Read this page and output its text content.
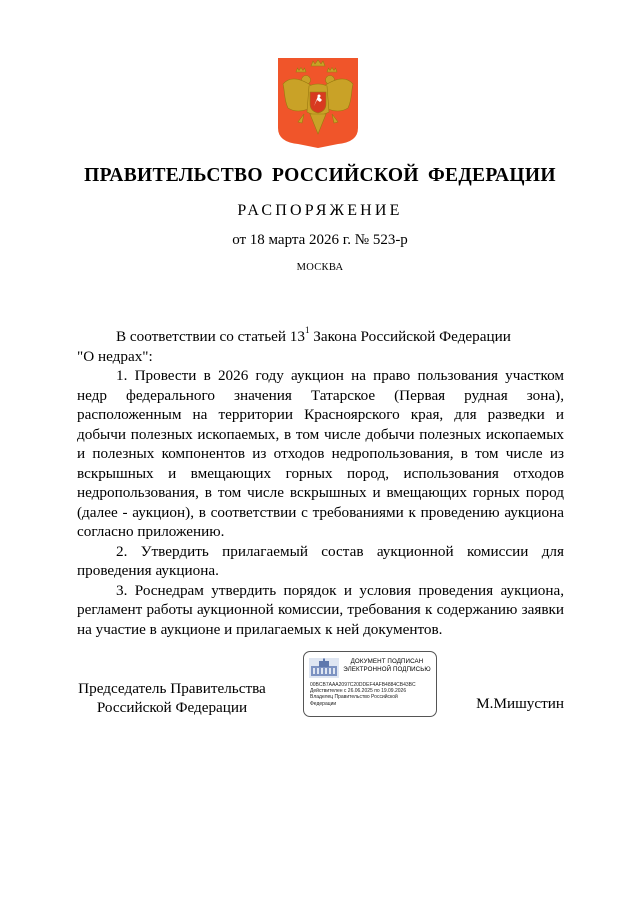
ПРАВИТЕЛЬСТВО РОССИЙСКОЙ ФЕДЕРАЦИИ
РАСПОРЯЖЕНИЕ
от 18 марта 2026 г. № 523-р
МОСКВА

В соответствии со статьей $13^1$ Закона Российской Федерации

"О недрах":

1. Провести в 2026 году аукцион на право пользования участком недр федерального значения Татарское (Первая рудная зона), расположенным на территории Красноярского края, для разведки и добычи полезных ископаемых, в том числе добычи полезных ископаемых и полезных компонентов из отходов недропользования, в том числе из вскрышных и вмещающих горных пород, использования отходов недропользования, в том числе вскрышных и вмещающих горных пород (далее - аукцион), в соответствии с требованиями к проведению аукциона согласно приложению.

2. Утвердить прилагаемый состав аукционной комиссии для проведения аукциона.

3. Роснедрам утвердить порядок и условия проведения аукциона, регламент работы аукционной комиссии, требования к содержанию заявки на участие в аукционе и прилагаемых к ней документов.

Председатель Правительства
Российской Федерации
ДОКУМЕНТ ПОДПИСАН
ЭЛЕКТРОННОЙ ПОДПИСЬЮ
00BCB7AAA2097C20DDEF4AFB4884CB43BC
Действителен с 26.06.2025 по 19.09.2026
Владелец Правительство Российской
Федерации	М.Мишустин
